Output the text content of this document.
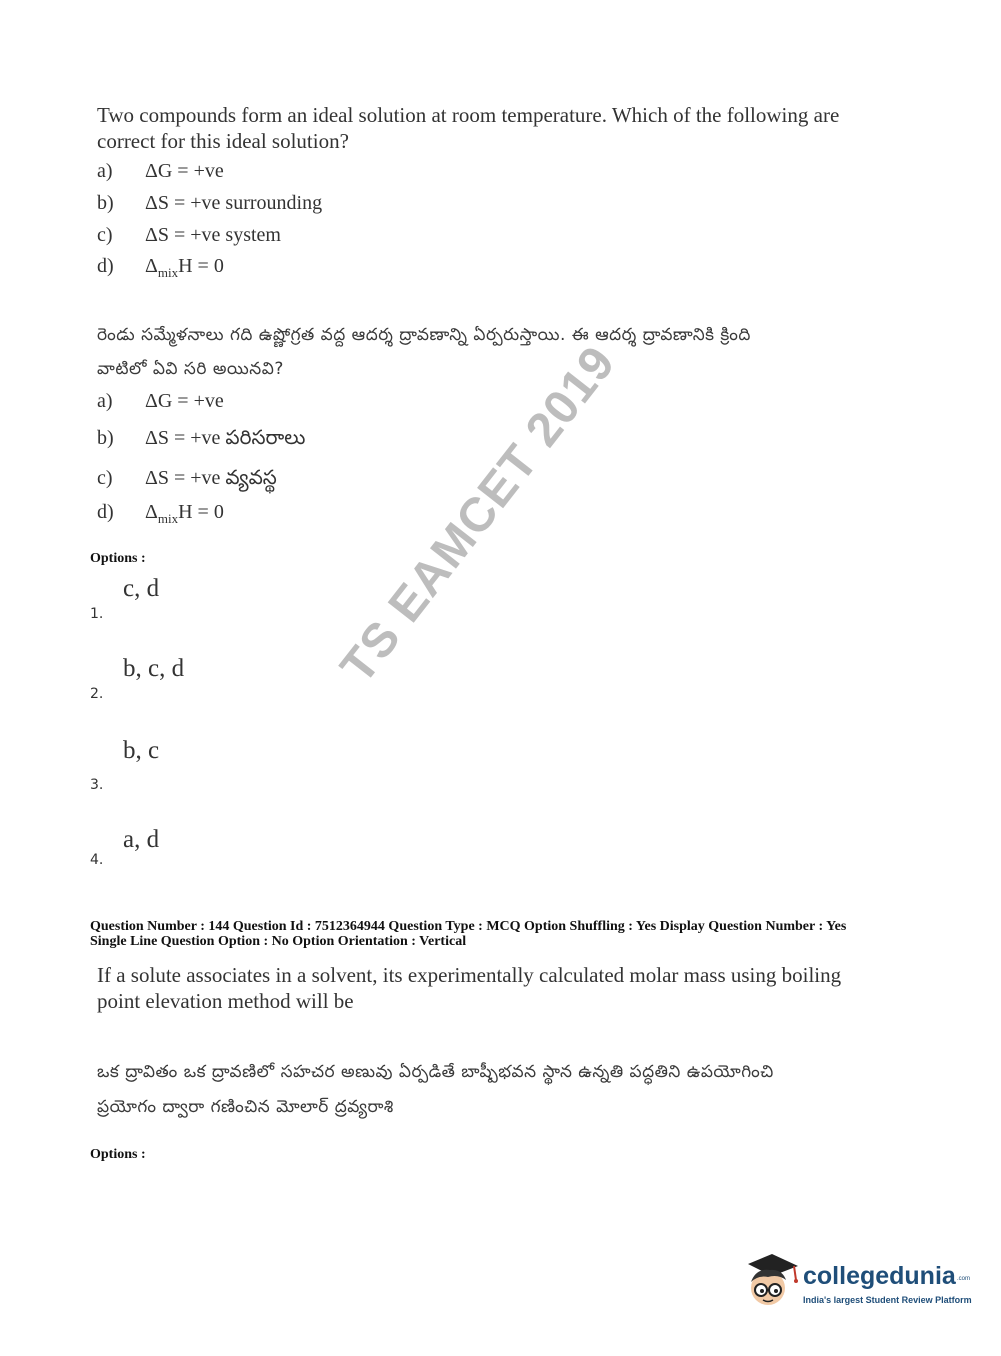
Two compounds form an ideal solution at room temperature. Which of the following are
correct for this ideal solution?
a) ΔG = +ve
b) ΔS = +ve surrounding
c) ΔS = +ve system
d) $\Delta_{mix}H = 0$
రెండు సమ్మేళనాలు గది ఉష్ణోగ్రత వద్ద ఆదర్శ ద్రావణాన్ని ఏర్పరుస్తాయి. ఈ ఆదర్శ ద్రావణానికి క్రింది
వాటిలో ఏవి సరి అయినవి?
a) ΔG = +ve
b) ΔS = +ve పరిసరాలు
c) ΔS = +ve వ్యవస్థ
d) $\Delta_{mix}H = 0$
Options :
c, d
1.
b, c, d
2.
b, c
3.
a, d
4.
TS EAMCET 2019
Question Number : 144 Question Id : 7512364944 Question Type : MCQ Option Shuffling : Yes Display Question Number : Yes
Single Line Question Option : No Option Orientation : Vertical
If a solute associates in a solvent, its experimentally calculated molar mass using boiling
point elevation method will be
ఒక ద్రావితం ఒక ద్రావణిలో సహచర అణువు ఏర్పడితే బాష్పీభవన స్థాన ఉన్నతి పద్ధతిని ఉపయోగించి
ప్రయోగం ద్వారా గణించిన మోలార్ ద్రవ్యరాశి
Options :
collegedunia .com
India's largest Student Review Platform
